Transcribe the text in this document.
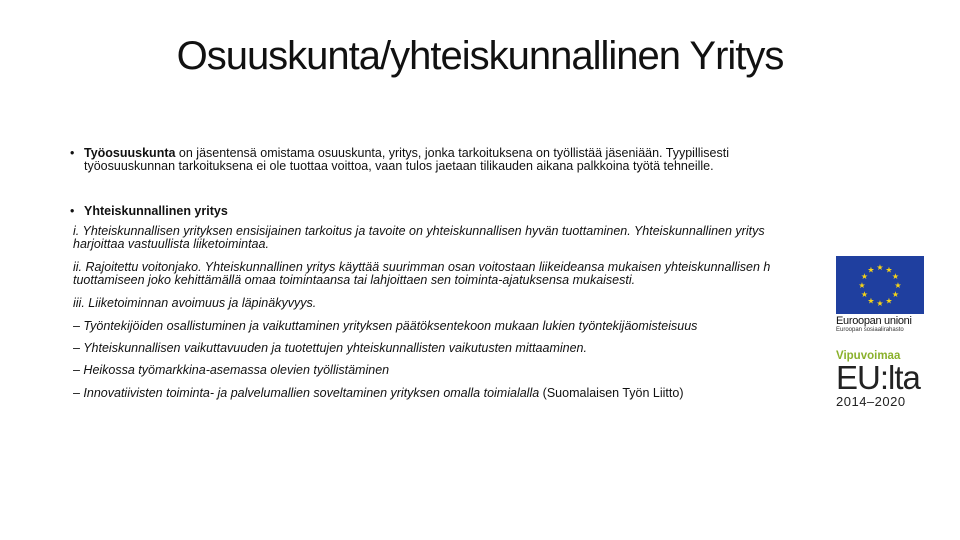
Osuuskunta/yhteiskunnallinen Yritys
• Työosuuskunta on jäsentensä omistama osuuskunta, yritys, jonka tarkoituksena on työllistää jäseniään. Tyypillisesti
työosuuskunnan tarkoituksena ei ole tuottaa voittoa, vaan tulos jaetaan tilikauden aikana palkkoina työtä tehneille.
• Yhteiskunnallinen yritys
i. Yhteiskunnallisen yrityksen ensisijainen tarkoitus ja tavoite on yhteiskunnallisen hyvän tuottaminen. Yhteiskunnallinen yritys
harjoittaa vastuullista liiketoimintaa.
ii. Rajoitettu voitonjako. Yhteiskunnallinen yritys käyttää suurimman osan voitostaan liikeideansa mukaisen yhteiskunnallisen h
tuottamiseen joko kehittämällä omaa toimintaansa tai lahjoittaen sen toiminta-ajatuksensa mukaisesti.
iii. Liiketoiminnan avoimuus ja läpinäkyvyys.
– Työntekijöiden osallistuminen ja vaikuttaminen yrityksen päätöksentekoon mukaan lukien työntekijäomisteisuus
– Yhteiskunnallisen vaikuttavuuden ja tuotettujen yhteiskunnallisten vaikutusten mittaaminen.
– Heikossa työmarkkina-asemassa olevien työllistäminen
– Innovatiivisten toiminta- ja palvelumallien soveltaminen yrityksen omalla toimialalla (Suomalaisen Työn Liitto)
★ ★
★
★
★
★
★
★
★
★
★
★
Euroopan unioni
Euroopan sosiaalirahasto
Vipuvoimaa
EU:lta
2014–2020
